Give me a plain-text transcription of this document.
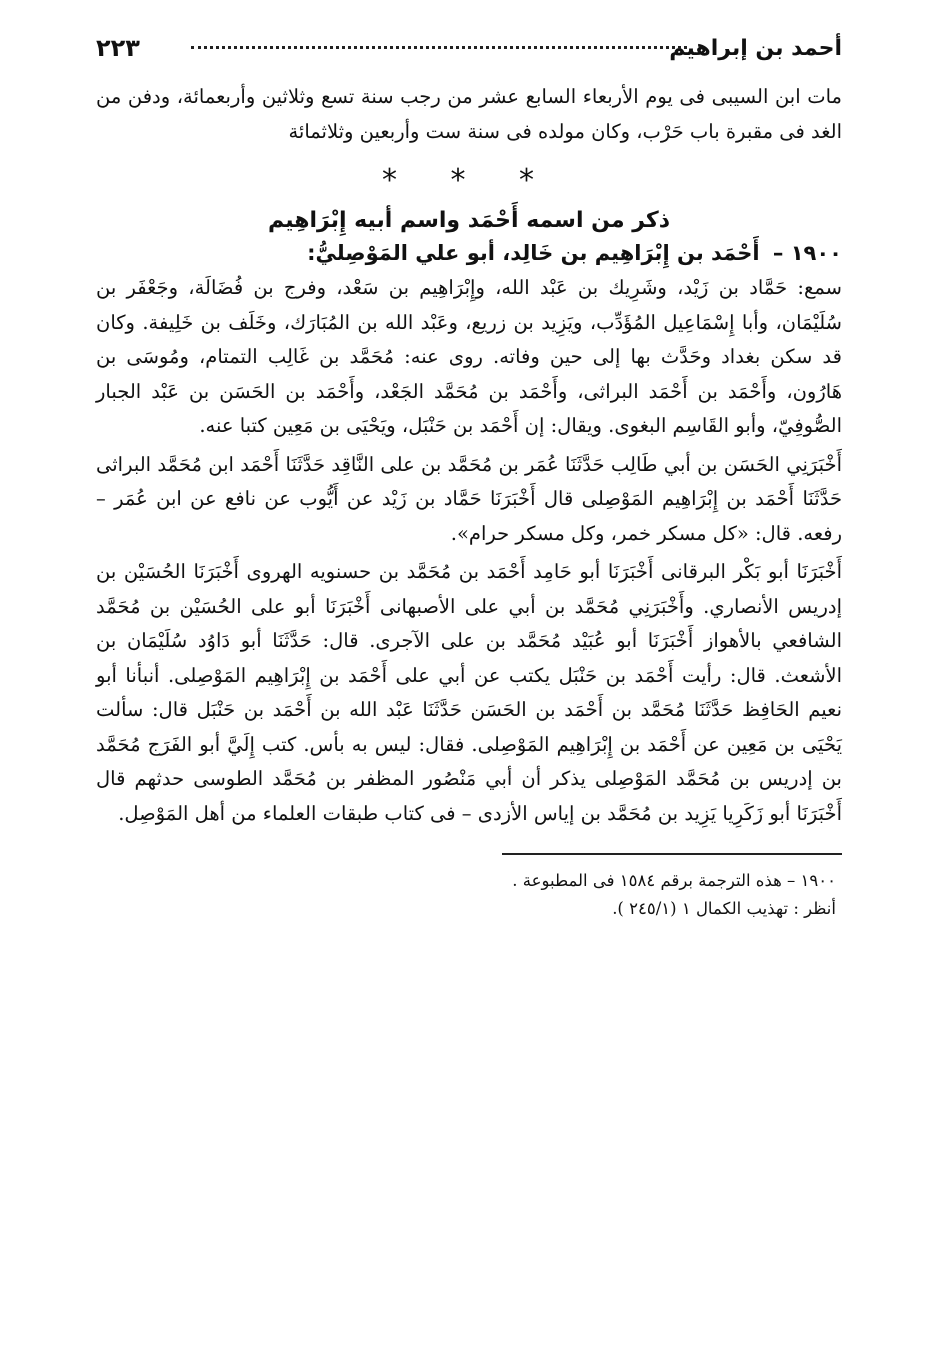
أحمد بن إبراهيم
٢٢٣

مات ابن السيبى فى يوم الأربعاء السابع عشر من رجب سنة تسع وثلاثين وأربعمائة، ودفن من الغد فى مقبرة باب حَرْب، وكان مولده فى سنة ست وأربعين وثلاثمائة

* * *
ذكر من اسمه أَحْمَد واسم أبيه إِبْرَاهِيم
١٩٠٠ – أَحْمَد بن إِبْرَاهِيم بن خَالِد، أبو علي المَوْصِليُّ:

سمع: حَمَّاد بن زَيْد، وشَرِيك بن عَبْد الله، وإِبْرَاهِيم بن سَعْد، وفرج بن فُضَالَة، وجَعْفَر بن سُلَيْمَان، وأبا إِسْمَاعِيل المُؤَدِّب، ويَزِيد بن زريع، وعَبْد الله بن المُبَارَك، وخَلَف بن خَلِيفة. وكان قد سكن بغداد وحَدَّث بها إلى حين وفاته. روى عنه: مُحَمَّد بن غَالِب التمتام، ومُوسَى بن هَارُون، وأَحْمَد بن أَحْمَد البراثى، وأَحْمَد بن مُحَمَّد الجَعْد، وأَحْمَد بن الحَسَن بن عَبْد الجبار الصُّوفِيّ، وأبو القَاسِم البغوى. ويقال: إن أَحْمَد بن حَنْبَل، ويَحْيَى بن مَعِين كتبا عنه.

أَخْبَرَنِي الحَسَن بن أبي طَالِب حَدَّثَنَا عُمَر بن مُحَمَّد بن على النَّاقِد حَدَّثَنَا أَحْمَد ابن مُحَمَّد البراثى حَدَّثَنَا أَحْمَد بن إِبْرَاهِيم المَوْصِلى قال أَخْبَرَنَا حَمَّاد بن زَيْد عن أَيُّوب عن نافع عن ابن عُمَر – رفعه. قال: «كل مسكر خمر، وكل مسكر حرام».

أَخْبَرَنَا أبو بَكْر البرقانى أَخْبَرَنَا أبو حَامِد أَحْمَد بن مُحَمَّد بن حسنويه الهروى أَخْبَرَنَا الحُسَيْن بن إدريس الأنصاري. وأَخْبَرَنِي مُحَمَّد بن أبي على الأصبهانى أَخْبَرَنَا أبو على الحُسَيْن بن مُحَمَّد الشافعي بالأهواز أَخْبَرَنَا أبو عُبَيْد مُحَمَّد بن على الآجرى. قال: حَدَّثَنَا أبو دَاوُد سُلَيْمَان بن الأشعث. قال: رأيت أَحْمَد بن حَنْبَل يكتب عن أبي على أَحْمَد بن إِبْرَاهِيم المَوْصِلى. أنبأنا أبو نعيم الحَافِظ حَدَّثَنَا مُحَمَّد بن أَحْمَد بن الحَسَن حَدَّثَنَا عَبْد الله بن أَحْمَد بن حَنْبَل قال: سألت يَحْيَى بن مَعِين عن أَحْمَد بن إِبْرَاهِيم المَوْصِلى. فقال: ليس به بأس. كتب إِلَيَّ أبو الفَرَج مُحَمَّد بن إدريس بن مُحَمَّد المَوْصِلى يذكر أن أبي مَنْصُور المظفر بن مُحَمَّد الطوسى حدثهم قال أَخْبَرَنَا أبو زَكَرِيا يَزِيد بن مُحَمَّد بن إياس الأزدى – فى كتاب طبقات العلماء من أهل المَوْصِل.

١٩٠٠ – هذه الترجمة برقم ١٥٨٤ فى المطبوعة .

أنظر : تهذيب الكمال ١ (٢٤٥/١ ).
